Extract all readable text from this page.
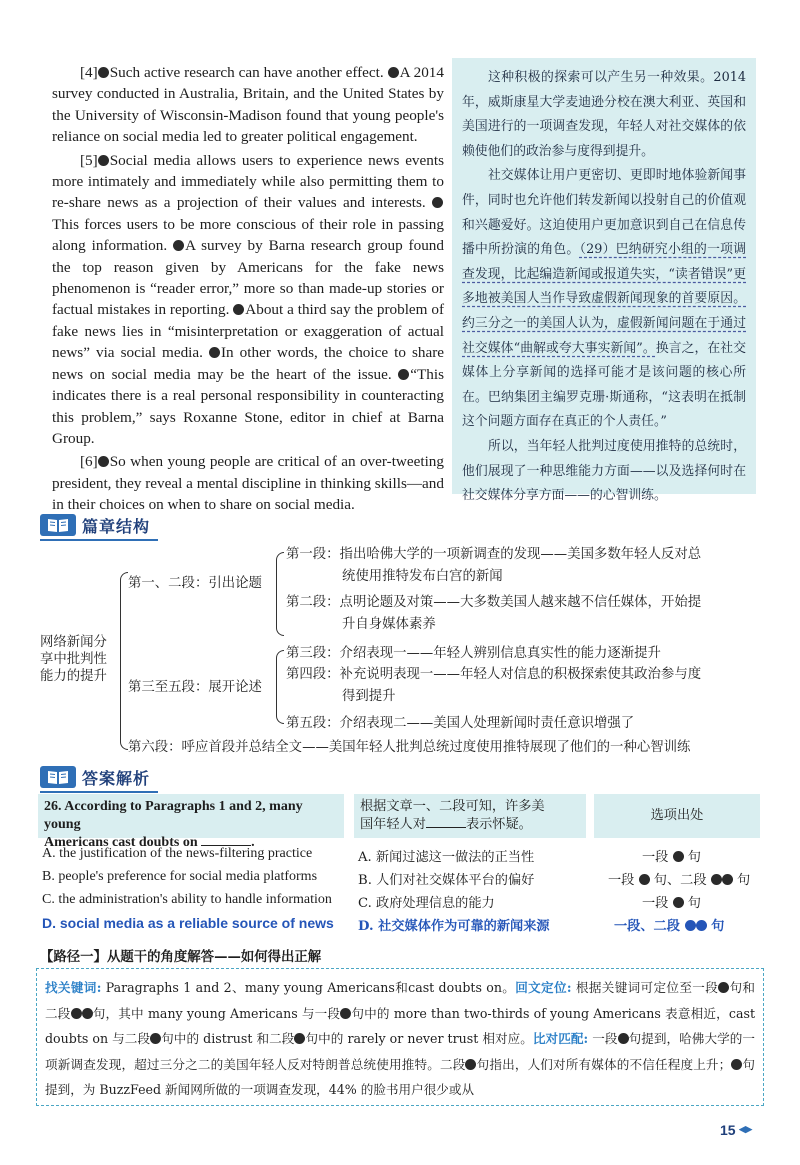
[4] Such active research can have another effect. A 2014 survey conducted in Australia, Britain, and the United States by the University of Wisconsin-Madison found that young people's reliance on social media led to greater political engagement.

[5] Social media allows users to experience news events more intimately and immediately while also permitting them to re-share news as a projection of their values and interests. This forces users to be more conscious of their role in passing along information. A survey by Barna research group found the top reason given by Americans for the fake news phenomenon is “reader error,” more so than made-up stories or factual mistakes in reporting. About a third say the problem of fake news lies in “misinterpretation or exaggeration of actual news” via social media. In other words, the choice to share news on social media may be the heart of the issue. “This indicates there is a real personal responsibility in counteracting this problem,” says Roxanne Stone, editor in chief at Barna Group.

[6] So when young people are critical of an over-tweeting president, they reveal a mental discipline in thinking skills—and in their choices on when to share on social media.

这种积极的探索可以产生另一种效果。2014年，威斯康星大学麦迪逊分校在澳大利亚、英国和美国进行的一项调查发现，年轻人对社交媒体的依赖使他们的政治参与度得到提升。

社交媒体让用户更密切、更即时地体验新闻事件，同时也允许他们转发新闻以投射自己的价值观和兴趣爱好。这迫使用户更加意识到自己在信息传播中所扮演的角色。（29）巴纳研究小组的一项调查发现，比起编造新闻或报道失实，“读者错误”更多地被美国人当作导致虚假新闻现象的首要原因。约三分之一的美国人认为，虚假新闻问题在于通过社交媒体“曲解或夸大事实新闻”。换言之，在社交媒体上分享新闻的选择可能才是该问题的核心所在。巴纳集团主编罗克珊·斯通称，“这表明在抵制这个问题方面存在真正的个人责任。”

所以，当年轻人批判过度使用推特的总统时，他们展现了一种思维能力方面——以及选择何时在社交媒体分享方面——的心智训练。

篇章结构
网络新闻分
享中批判性
能力的提升
第一、二段：引出论题
第一段：指出哈佛大学的一项新调查的发现——美国多数年轻人反对总
统使用推特发布白宫的新闻
第二段：点明论题及对策——大多数美国人越来越不信任媒体，开始提
升自身媒体素养
第三至五段：展开论述
第三段：介绍表现一——年轻人辨别信息真实性的能力逐渐提升
第四段：补充说明表现一——年轻人对信息的积极探索使其政治参与度
得到提升
第五段：介绍表现二——美国人处理新闻时责任意识增强了
第六段：呼应首段并总结全文——美国年轻人批判总统过度使用推特展现了他们的一种心智训练
答案解析
26. According to Paragraphs 1 and 2, many young
Americans cast doubts on	.
根据文章一、二段可知，许多美
国年轻人对	表示怀疑。
选项出处
A. the justification of the news-filtering practice	A. 新闻过滤这一做法的正当性	一段 句
B. people's preference for social media platforms	B. 人们对社交媒体平台的偏好	一段 句、二段 句
C. the administration's ability to handle information C. 政府处理信息的能力	一段 句
D. social media as a reliable source of news D. 社交媒体作为可靠的新闻来源	一段、二段 句
【路径一】从题干的角度解答——如何得出正解
找关键词: Paragraphs 1 and 2、many young Americans和cast doubts on。回文定位: 根据关键词可定位至一段 句和二段 句，其中 many young Americans 与一段 句中的 more than two-thirds of young Americans 表意相近，cast doubts on 与二段 句中的 distrust 和二段 句中的 rarely or never trust 相对应。比对匹配: 一段 句提到，哈佛大学的一项新调查发现，超过三分之二的美国年轻人反对特朗普总统使用推特。二段 句指出，人们对所有媒体的不信任程度上升； 句提到，为 BuzzFeed 新闻网所做的一项调查发现，44% 的脸书用户很少或从
15
